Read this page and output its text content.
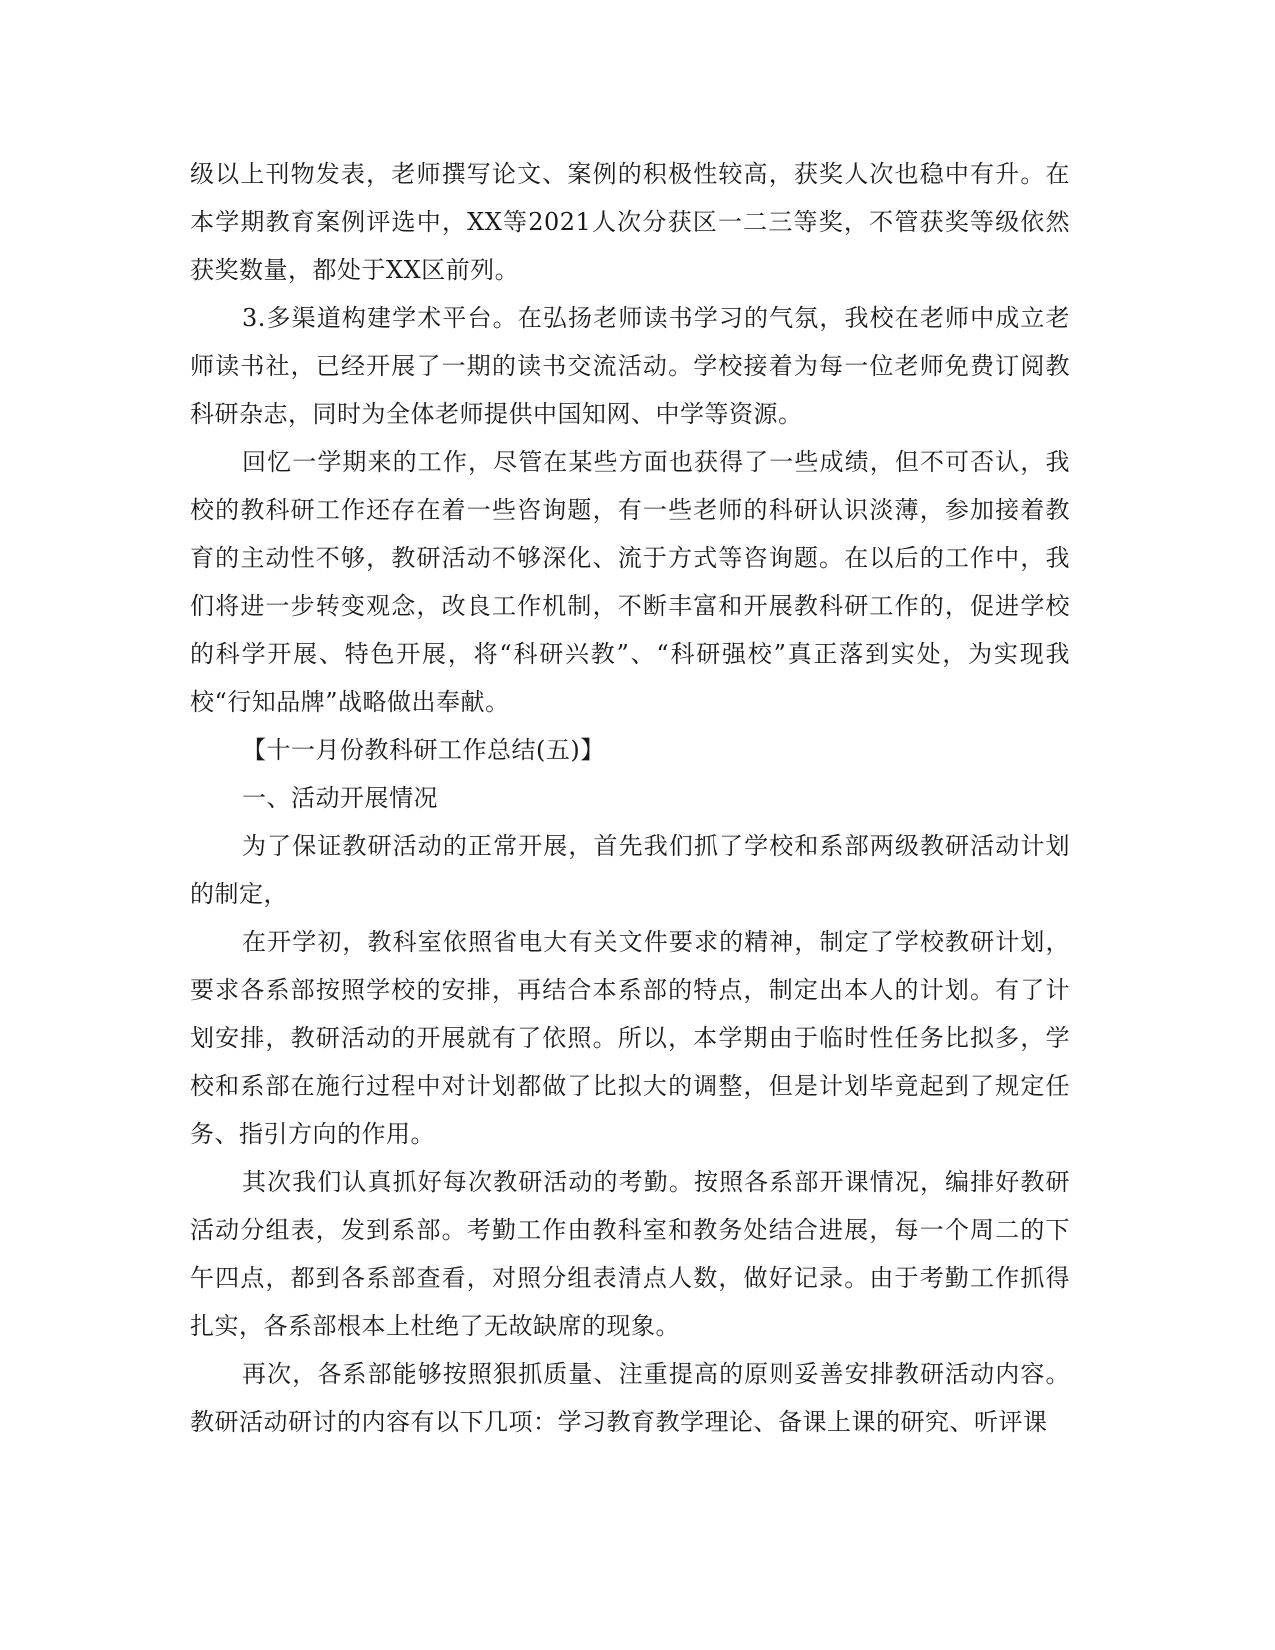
级以上刊物发表，老师撰写论文、案例的积极性较高，获奖人次也稳中有升。在本学期教育案例评选中，XX等2021人次分获区一二三等奖，不管获奖等级依然获奖数量，都处于XX区前列。

3.多渠道构建学术平台。在弘扬老师读书学习的气氛，我校在老师中成立老师读书社，已经开展了一期的读书交流活动。学校接着为每一位老师免费订阅教科研杂志，同时为全体老师提供中国知网、中学等资源。

回忆一学期来的工作，尽管在某些方面也获得了一些成绩，但不可否认，我校的教科研工作还存在着一些咨询题，有一些老师的科研认识淡薄，参加接着教育的主动性不够，教研活动不够深化、流于方式等咨询题。在以后的工作中，我们将进一步转变观念，改良工作机制，不断丰富和开展教科研工作的，促进学校的科学开展、特色开展，将“科研兴教”、“科研强校”真正落到实处，为实现我校“行知品牌”战略做出奉献。

【十一月份教科研工作总结(五)】

一、活动开展情况

为了保证教研活动的正常开展，首先我们抓了学校和系部两级教研活动计划的制定，

在开学初，教科室依照省电大有关文件要求的精神，制定了学校教研计划，要求各系部按照学校的安排，再结合本系部的特点，制定出本人的计划。有了计划安排，教研活动的开展就有了依照。所以，本学期由于临时性任务比拟多，学校和系部在施行过程中对计划都做了比拟大的调整，但是计划毕竟起到了规定任务、指引方向的作用。

其次我们认真抓好每次教研活动的考勤。按照各系部开课情况，编排好教研活动分组表，发到系部。考勤工作由教科室和教务处结合进展，每一个周二的下午四点，都到各系部查看，对照分组表清点人数，做好记录。由于考勤工作抓得扎实，各系部根本上杜绝了无故缺席的现象。

再次，各系部能够按照狠抓质量、注重提高的原则妥善安排教研活动内容。教研活动研讨的内容有以下几项：学习教育教学理论、备课上课的研究、听评课
